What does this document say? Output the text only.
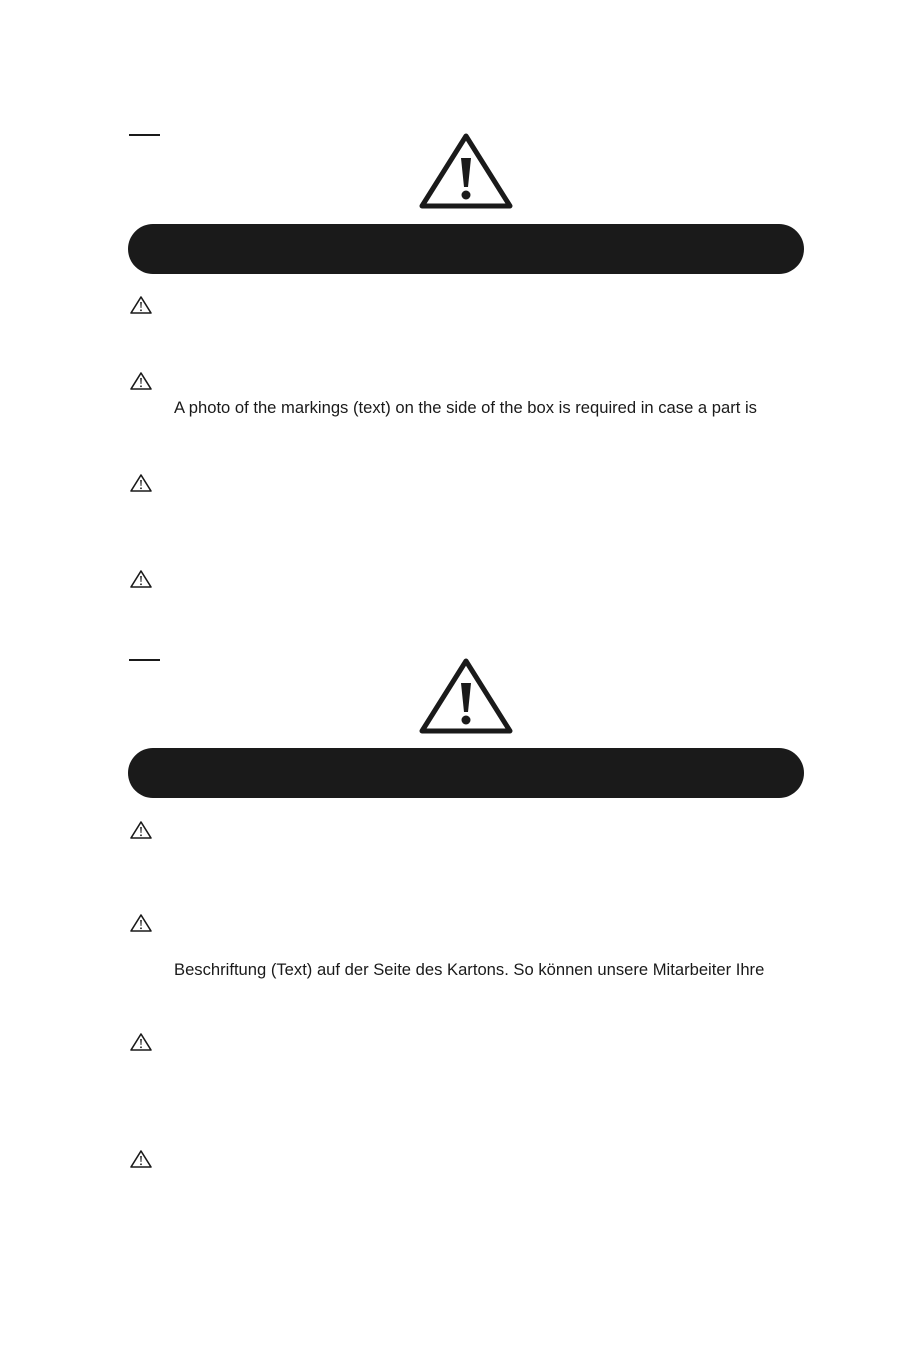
A photo of the markings (text) on the side of the box is required in case a part is
Beschriftung (Text) auf der Seite des Kartons. So können unsere Mitarbeiter Ihre
